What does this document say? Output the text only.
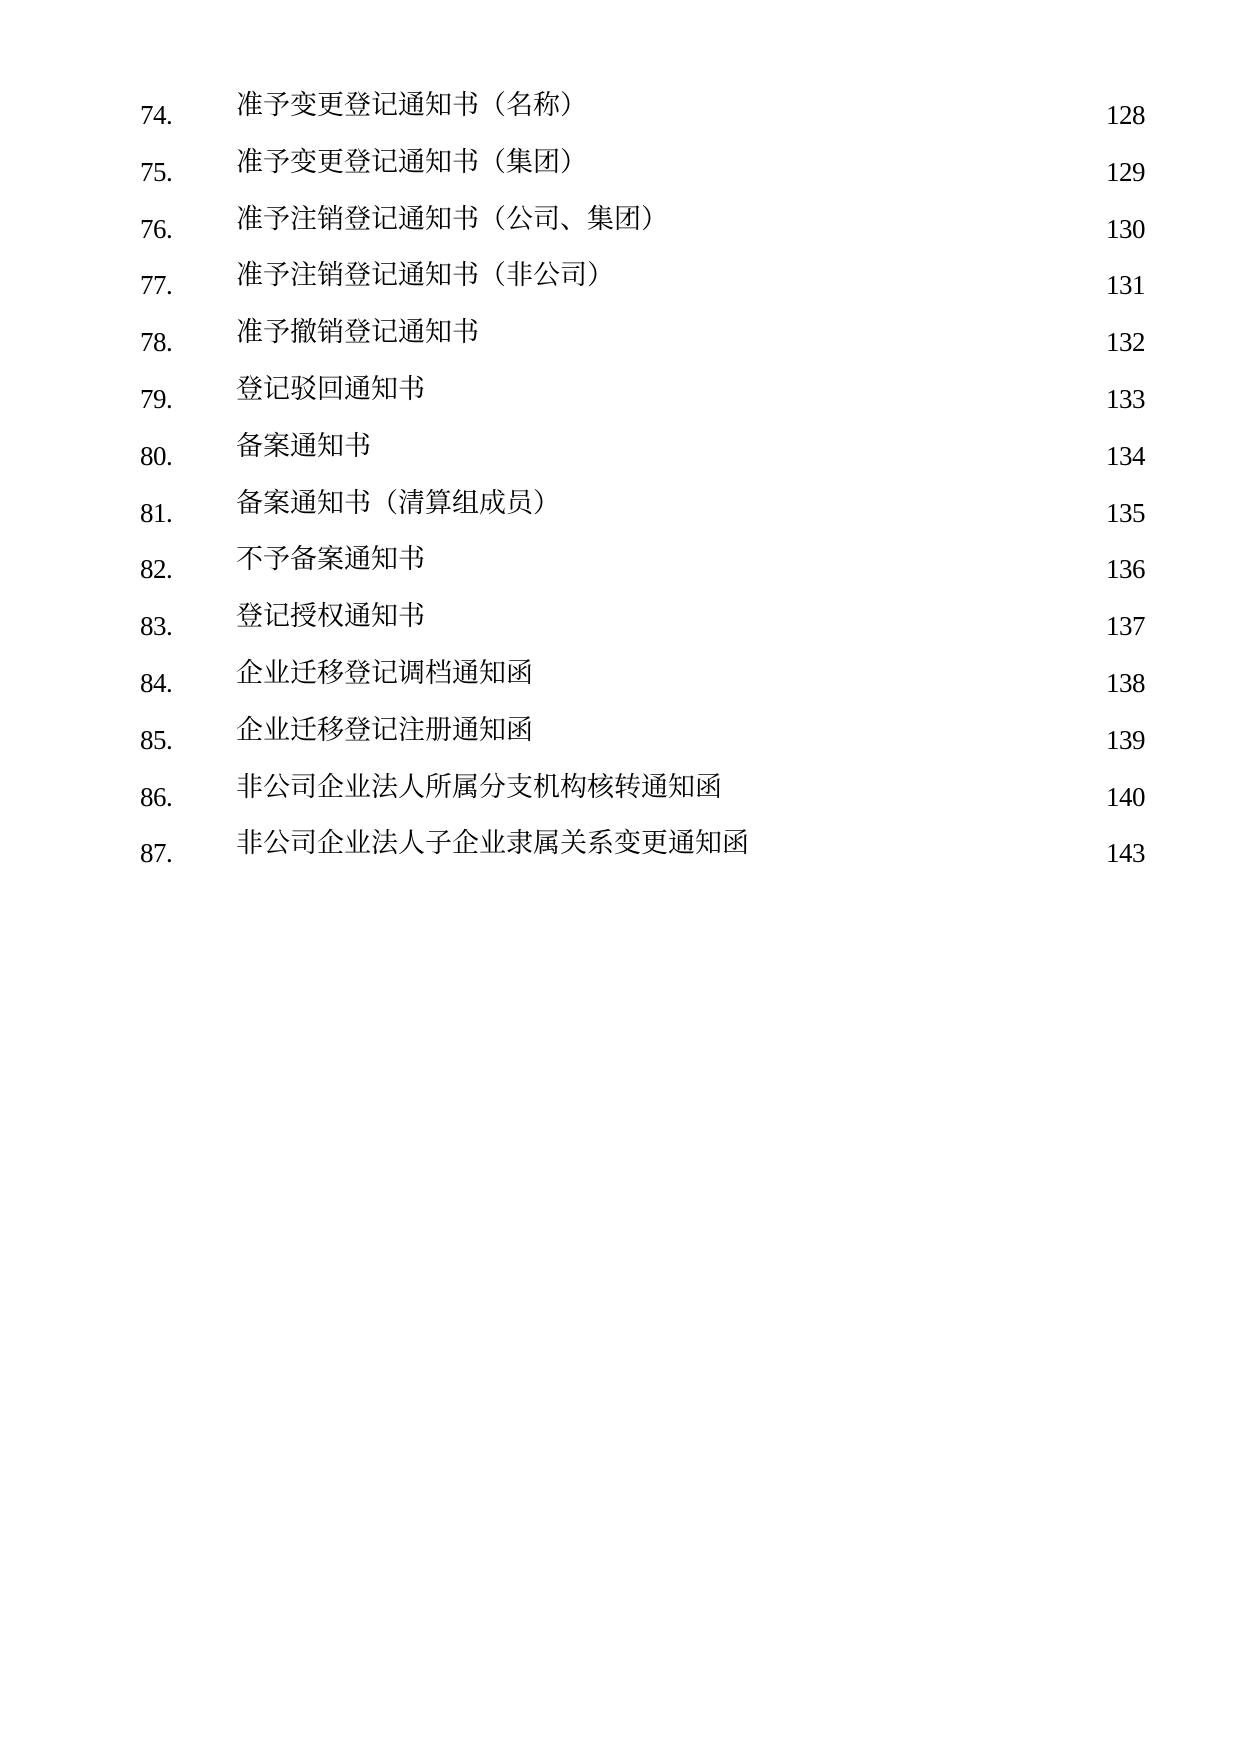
74. 准予变更登记通知书（名称）	128
75. 准予变更登记通知书（集团）	129
76. 准予注销登记通知书（公司、集团）	130
77. 准予注销登记通知书（非公司）	131
78. 准予撤销登记通知书	132
79. 登记驳回通知书	133
80. 备案通知书	134
81. 备案通知书（清算组成员）	135
82. 不予备案通知书	136
83. 登记授权通知书	137
84. 企业迁移登记调档通知函	138
85. 企业迁移登记注册通知函	139
86. 非公司企业法人所属分支机构核转通知函	140
87. 非公司企业法人子企业隶属关系变更通知函	143
